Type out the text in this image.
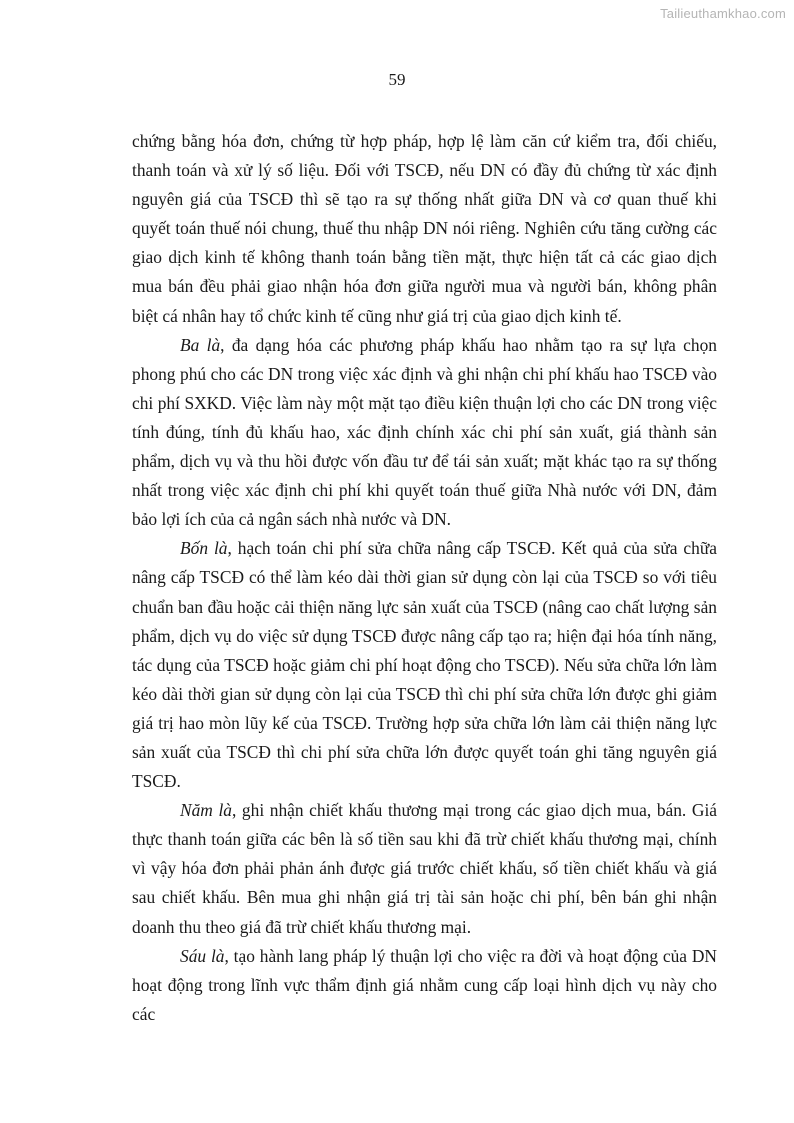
Tailieuthamkhao.com
59

chứng bằng hóa đơn, chứng từ hợp pháp, hợp lệ làm căn cứ kiểm tra, đối chiếu, thanh toán và xử lý số liệu. Đối với TSCĐ, nếu DN có đầy đủ chứng từ xác định nguyên giá của TSCĐ thì sẽ tạo ra sự thống nhất giữa DN và cơ quan thuế khi quyết toán thuế nói chung, thuế thu nhập DN nói riêng. Nghiên cứu tăng cường các giao dịch kinh tế không thanh toán bằng tiền mặt, thực hiện tất cả các giao dịch mua bán đều phải giao nhận hóa đơn giữa người mua và người bán, không phân biệt cá nhân hay tổ chức kinh tế cũng như giá trị của giao dịch kinh tế.

Ba là, đa dạng hóa các phương pháp khấu hao nhằm tạo ra sự lựa chọn phong phú cho các DN trong việc xác định và ghi nhận chi phí khấu hao TSCĐ vào chi phí SXKD. Việc làm này một mặt tạo điều kiện thuận lợi cho các DN trong việc tính đúng, tính đủ khấu hao, xác định chính xác chi phí sản xuất, giá thành sản phẩm, dịch vụ và thu hồi được vốn đầu tư để tái sản xuất; mặt khác tạo ra sự thống nhất trong việc xác định chi phí khi quyết toán thuế giữa Nhà nước với DN, đảm bảo lợi ích của cả ngân sách nhà nước và DN.

Bốn là, hạch toán chi phí sửa chữa nâng cấp TSCĐ. Kết quả của sửa chữa nâng cấp TSCĐ có thể làm kéo dài thời gian sử dụng còn lại của TSCĐ so với tiêu chuẩn ban đầu hoặc cải thiện năng lực sản xuất của TSCĐ (nâng cao chất lượng sản phẩm, dịch vụ do việc sử dụng TSCĐ được nâng cấp tạo ra; hiện đại hóa tính năng, tác dụng của TSCĐ hoặc giảm chi phí hoạt động cho TSCĐ). Nếu sửa chữa lớn làm kéo dài thời gian sử dụng còn lại của TSCĐ thì chi phí sửa chữa lớn được ghi giảm giá trị hao mòn lũy kế của TSCĐ. Trường hợp sửa chữa lớn làm cải thiện năng lực sản xuất của TSCĐ thì chi phí sửa chữa lớn được quyết toán ghi tăng nguyên giá TSCĐ.

Năm là, ghi nhận chiết khấu thương mại trong các giao dịch mua, bán. Giá thực thanh toán giữa các bên là số tiền sau khi đã trừ chiết khấu thương mại, chính vì vậy hóa đơn phải phản ánh được giá trước chiết khấu, số tiền chiết khấu và giá sau chiết khấu. Bên mua ghi nhận giá trị tài sản hoặc chi phí, bên bán ghi nhận doanh thu theo giá đã trừ chiết khấu thương mại.

Sáu là, tạo hành lang pháp lý thuận lợi cho việc ra đời và hoạt động của DN hoạt động trong lĩnh vực thẩm định giá nhằm cung cấp loại hình dịch vụ này cho các
